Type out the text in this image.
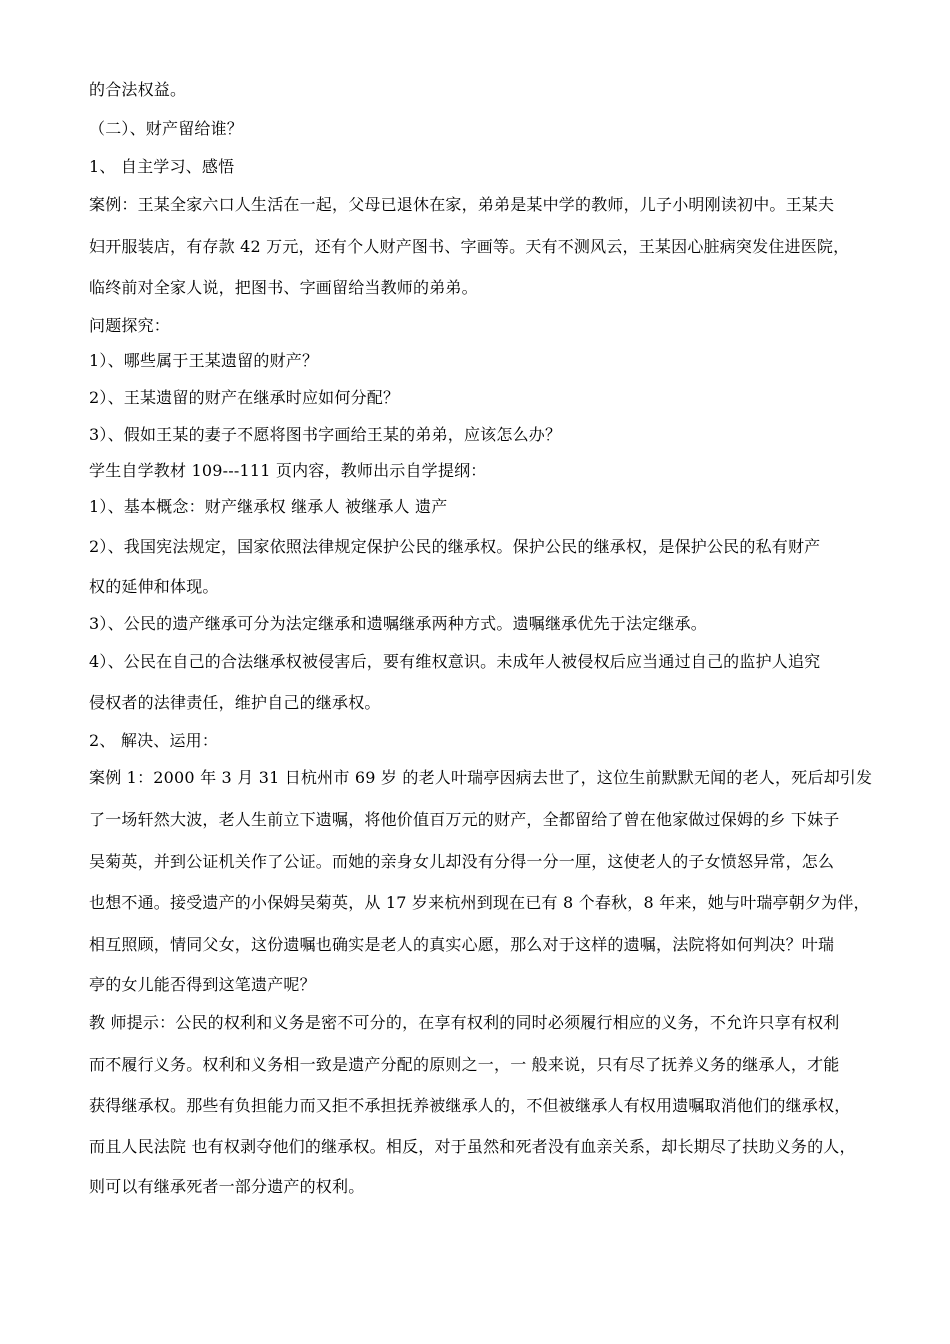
的合法权益。
（二）、财产留给谁？
1、 自主学习、感悟
案例：王某全家六口人生活在一起，父母已退休在家，弟弟是某中学的教师，儿子小明刚读初中。王某夫
妇开服装店，有存款 42 万元，还有个人财产图书、字画等。天有不测风云，王某因心脏病突发住进医院，
临终前对全家人说，把图书、字画留给当教师的弟弟。
问题探究：
1）、哪些属于王某遗留的财产？
2）、王某遗留的财产在继承时应如何分配？
3）、假如王某的妻子不愿将图书字画给王某的弟弟，应该怎么办？
学生自学教材 109---111 页内容，教师出示自学提纲：
1）、基本概念：财产继承权 继承人 被继承人 遗产
2）、我国宪法规定，国家依照法律规定保护公民的继承权。保护公民的继承权，是保护公民的私有财产
权的延伸和体现。
3）、公民的遗产继承可分为法定继承和遗嘱继承两种方式。遗嘱继承优先于法定继承。
4）、公民在自己的合法继承权被侵害后，要有维权意识。未成年人被侵权后应当通过自己的监护人追究
侵权者的法律责任，维护自己的继承权。
2、 解决、运用：
案例 1：2000 年 3 月 31 日杭州市 69 岁 的老人叶瑞亭因病去世了，这位生前默默无闻的老人，死后却引发
了一场轩然大波，老人生前立下遗嘱，将他价值百万元的财产，全都留给了曾在他家做过保姆的乡 下妹子
吴菊英，并到公证机关作了公证。而她的亲身女儿却没有分得一分一厘，这使老人的子女愤怒异常，怎么
也想不通。接受遗产的小保姆吴菊英，从 17 岁来杭州到现在已有 8 个春秋，8 年来，她与叶瑞亭朝夕为伴，
相互照顾，情同父女，这份遗嘱也确实是老人的真实心愿，那么对于这样的遗嘱，法院将如何判决？叶瑞
亭的女儿能否得到这笔遗产呢？
教 师提示：公民的权利和义务是密不可分的，在享有权利的同时必须履行相应的义务，不允许只享有权利
而不履行义务。权利和义务相一致是遗产分配的原则之一，一 般来说，只有尽了抚养义务的继承人，才能
获得继承权。那些有负担能力而又拒不承担抚养被继承人的，不但被继承人有权用遗嘱取消他们的继承权，
而且人民法院 也有权剥夺他们的继承权。相反，对于虽然和死者没有血亲关系，却长期尽了扶助义务的人，
则可以有继承死者一部分遗产的权利。
